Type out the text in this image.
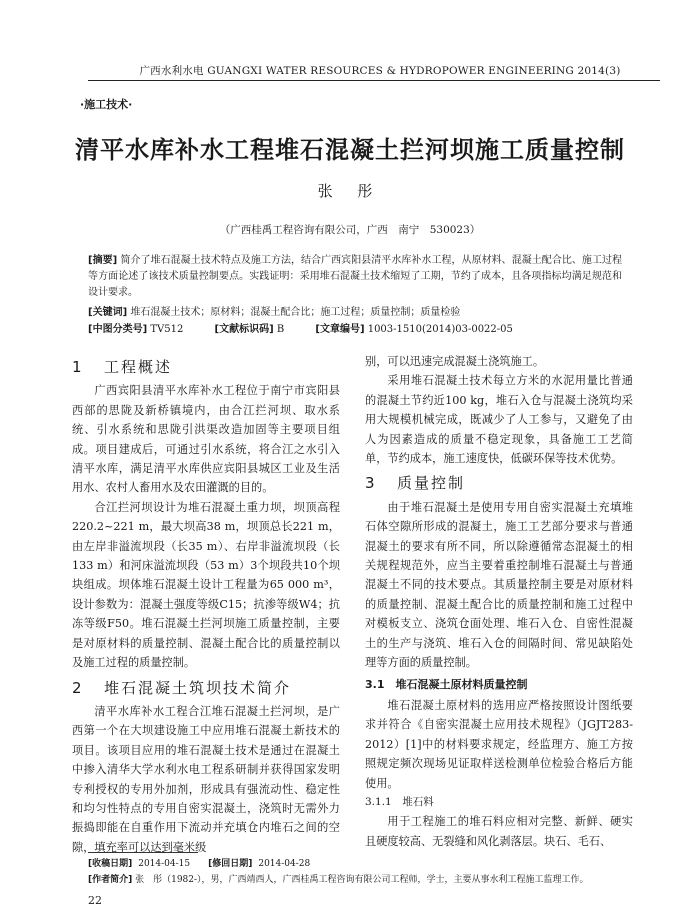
广西水利水电 GUANGXI WATER RESOURCES & HYDROPOWER ENGINEERING 2014(3)
·施工技术·
清平水库补水工程堆石混凝土拦河坝施工质量控制
张 彤
（广西桂禹工程咨询有限公司，广西　南宁　530023）
[摘要] 简介了堆石混凝土技术特点及施工方法，结合广西宾阳县清平水库补水工程，从原材料、混凝土配合比、施工过程等方面论述了该技术质量控制要点。实践证明：采用堆石混凝土技术缩短了工期，节约了成本，且各项指标均满足规范和设计要求。
[关键词] 堆石混凝土技术；原材料；混凝土配合比；施工过程；质量控制；质量检验
[中图分类号] TV512	[文献标识码] B	[文章编号] 1003-1510(2014)03-0022-05
1 工程概述

广西宾阳县清平水库补水工程位于南宁市宾阳县西部的思陇及新桥镇境内，由合江拦河坝、取水系统、引水系统和思陇引洪渠改造加固等主要项目组成。项目建成后，可通过引水系统，将合江之水引入清平水库，满足清平水库供应宾阳县城区工业及生活用水、农村人畜用水及农田灌溉的目的。

合江拦河坝设计为堆石混凝土重力坝，坝顶高程220.2~221 m，最大坝高38 m，坝顶总长221 m，由左岸非溢流坝段（长35 m）、右岸非溢流坝段（长133 m）和河床溢流坝段（53 m）3个坝段共10个坝块组成。坝体堆石混凝土设计工程量为65 000 m³，设计参数为：混凝土强度等级C15；抗渗等级W4；抗冻等级F50。堆石混凝土拦河坝施工质量控制，主要是对原材料的质量控制、混凝土配合比的质量控制以及施工过程的质量控制。

2 堆石混凝土筑坝技术简介

清平水库补水工程合江堆石混凝土拦河坝，是广西第一个在大坝建设施工中应用堆石混凝土新技术的项目。该项目应用的堆石混凝土技术是通过在混凝土中掺入清华大学水利水电工程系研制并获得国家发明专利授权的专用外加剂，形成具有强流动性、稳定性和均匀性特点的专用自密实混凝土，浇筑时无需外力振捣即能在自重作用下流动并充填仓内堆石之间的空隙，填充率可以达到毫米级

别，可以迅速完成混凝土浇筑施工。

采用堆石混凝土技术每立方米的水泥用量比普通的混凝土节约近100 kg，堆石入仓与混凝土浇筑均采用大规模机械完成，既减少了人工参与，又避免了由人为因素造成的质量不稳定现象，具备施工工艺简单，节约成本，施工速度快，低碳环保等技术优势。

3 质量控制

由于堆石混凝土是使用专用自密实混凝土充填堆石体空隙所形成的混凝土，施工工艺部分要求与普通混凝土的要求有所不同，所以除遵循常态混凝土的相关规程规范外，应当主要着重控制堆石混凝土与普通混凝土不同的技术要点。其质量控制主要是对原材料的质量控制、混凝土配合比的质量控制和施工过程中对模板支立、浇筑仓面处理、堆石入仓、自密性混凝土的生产与浇筑、堆石入仓的间隔时间、常见缺陷处理等方面的质量控制。

3.1　堆石混凝土原材料质量控制

堆石混凝土原材料的选用应严格按照设计图纸要求并符合《自密实混凝土应用技术规程》（JGJT283-2012）[1]中的材料要求规定，经监理方、施工方按照规定频次现场见证取样送检测单位检验合格后方能使用。

3.1.1　堆石料

用于工程施工的堆石料应相对完整、新鲜、硬实且硬度较高、无裂缝和风化剥落层。块石、毛石、

[收稿日期] 2014-04-15 [修回日期] 2014-04-28
[作者简介] 张　彤（1982-），男，广西靖西人，广西桂禹工程咨询有限公司工程师，学士，主要从事水利工程施工监理工作。
22
